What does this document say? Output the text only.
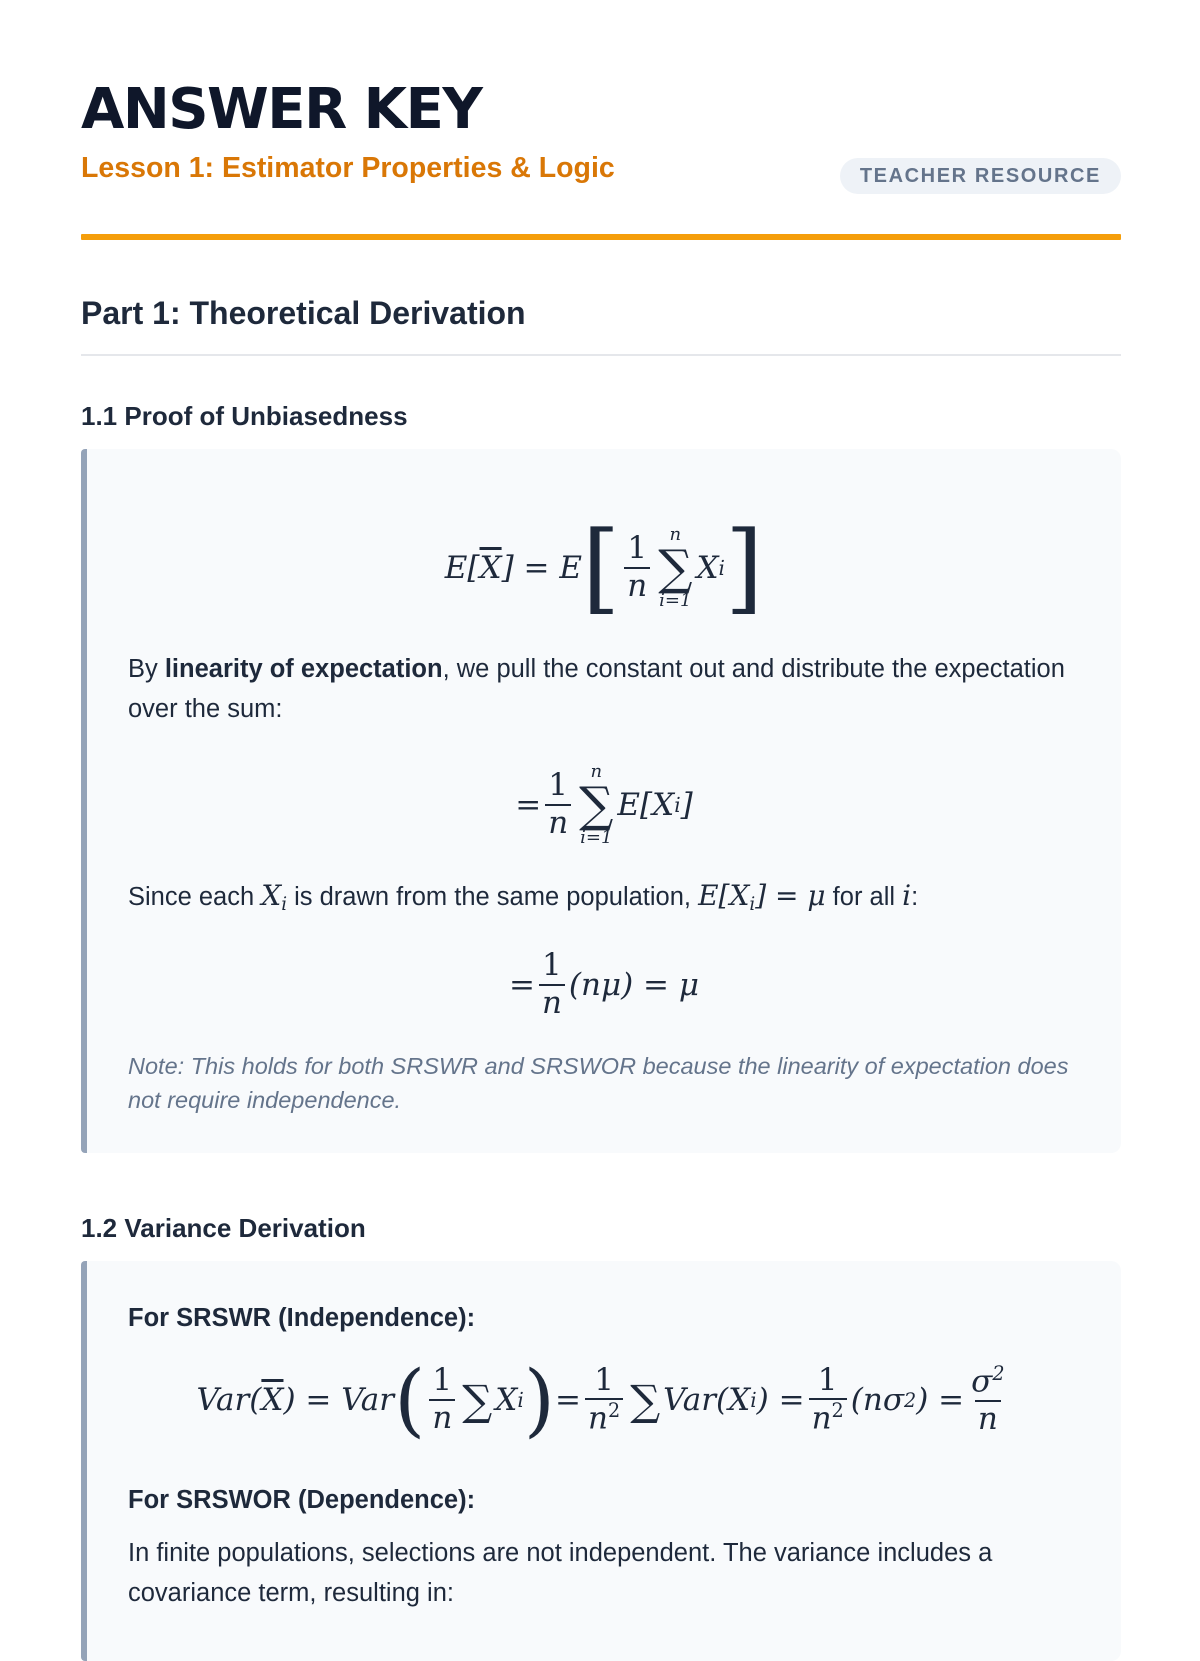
ANSWER KEY
Lesson 1: Estimator Properties & Logic	TEACHER RESOURCE
Part 1: Theoretical Derivation
1.1 Proof of Unbiasedness
E[ $\overline{X}$ ] = E [ $\frac{1}{n}$ n
∑
i=1
X i ]

By linearity of expectation, we pull the constant out and distribute the expectation over the sum:

= $\frac{1}{n}$ n
∑
i=1
E[X i ]

Since each $X_i$ is drawn from the same population, $E[X_i] = \mu$ for all i:

= $\frac{1}{n} (n\mu) = \mu$

Note: This holds for both SRSWR and SRSWOR because the linearity of expectation does not require independence.

1.2 Variance Derivation

For SRSWR (Independence):

Var( $\overline{X}$ ) = Var ( $\frac{1}{n}$ ∑ X i ) = $\frac{1}{n^2}$ ∑ Var(X i ) = $\frac{1}{n^2} (n\sigma$ 2 ) = $\frac{\sigma^2}{n}$

For SRSWOR (Dependence):

In finite populations, selections are not independent. The variance includes a covariance term, resulting in:
